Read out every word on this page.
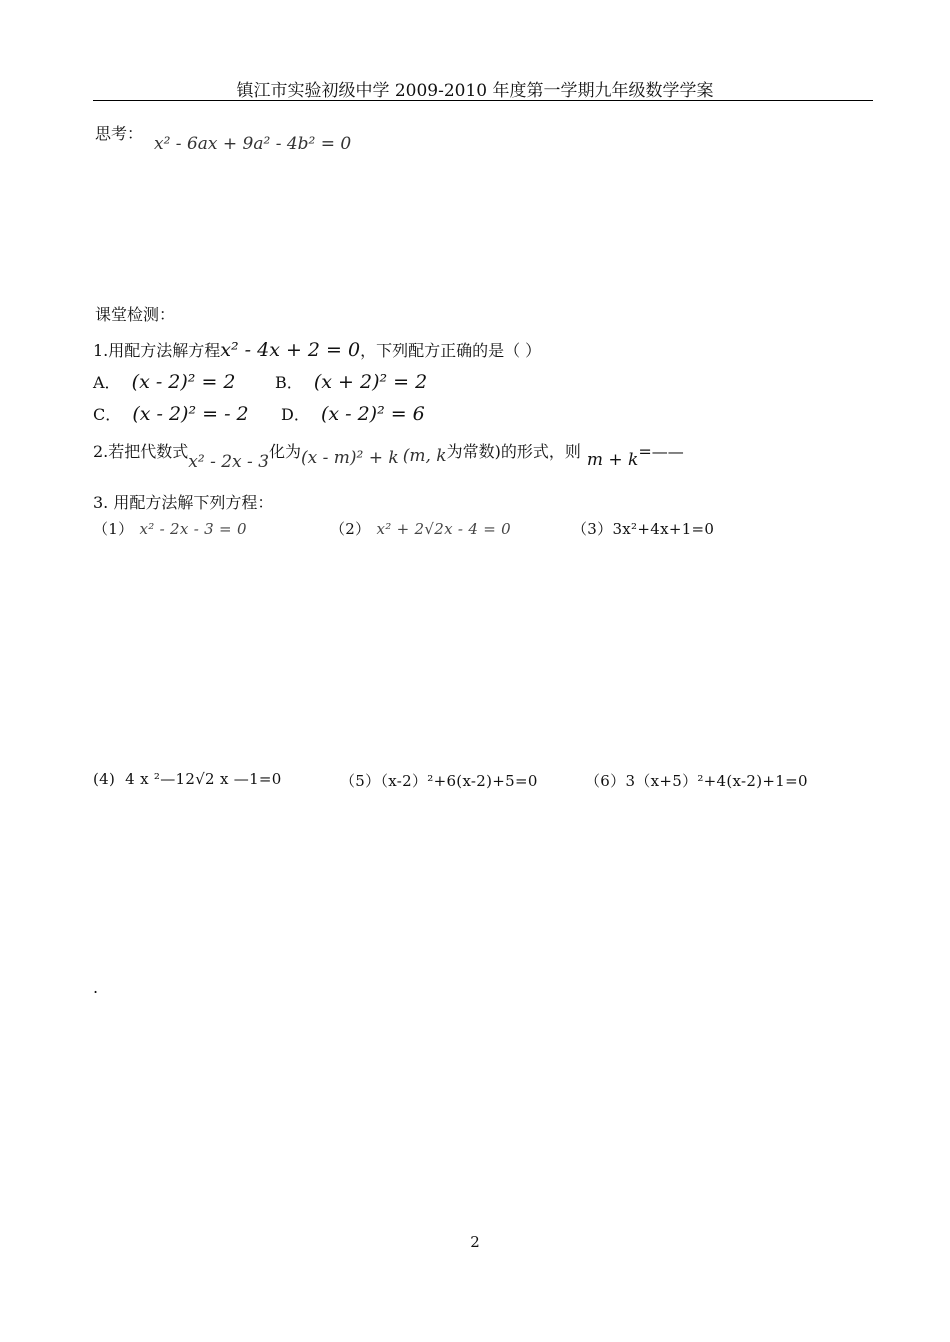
镇江市实验初级中学 2009-2010 年度第一学期九年级数学学案
思考：
x² - 6ax + 9a² - 4b² = 0
课堂检测：
1.用配方法解方程x² - 4x + 2 = 0，下列配方正确的是（ ）
A． (x - 2)² = 2 B． (x + 2)² = 2
C． (x - 2)² = - 2 D． (x - 2)² = 6
2.若把代数式x² - 2x - 3化为(x - m)² + k (m, k为常数)的形式，则 m + k=——
3. 用配方法解下列方程：
（1） x² - 2x - 3 = 0	（2） x² + 2√2x - 4 = 0	（3）3x²+4x+1=0
(4) 4 x ²—12√2 x —1=0	（5）（x-2）²+6(x-2)+5=0	（6）3（x+5）²+4(x-2)+1=0
.
2
